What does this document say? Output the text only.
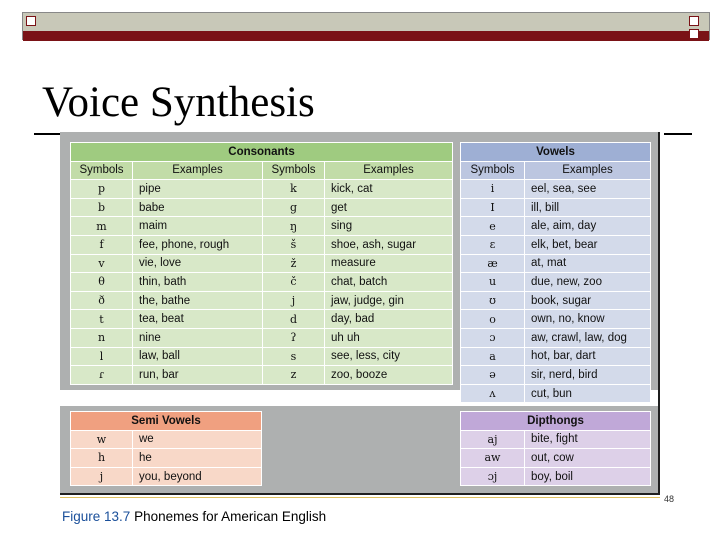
Voice Synthesis
Consonants			
Symbols	Examples	Symbols	Examples
p	pipe	k	kick, cat
b	babe	g	get
m	maim	ŋ	sing
f	fee, phone, rough	š	shoe, ash, sugar
v	vie, love	ž	measure
θ	thin, bath	č	chat, batch
ð	the, bathe	j	jaw, judge, gin
t	tea, beat	d	day, bad
n	nine	ʔ	uh uh
l	law, ball	s	see, less, city
ɾ	run, bar	z	zoo, booze
Vowels	
Symbols	Examples
i	eel, sea, see
I	ill, bill
e	ale, aim, day
ɛ	elk, bet, bear
æ	at, mat
u	due, new, zoo
ʊ	book, sugar
o	own, no, know
ɔ	aw, crawl, law, dog
a	hot, bar, dart
ə	sir, nerd, bird
ʌ	cut, bun
Semi Vowels	
w	we
h	he
j	you, beyond
Dipthongs	
aj	bite, fight
aw	out, cow
ɔj	boy, boil
48
Figure 13.7 Phonemes for American English
